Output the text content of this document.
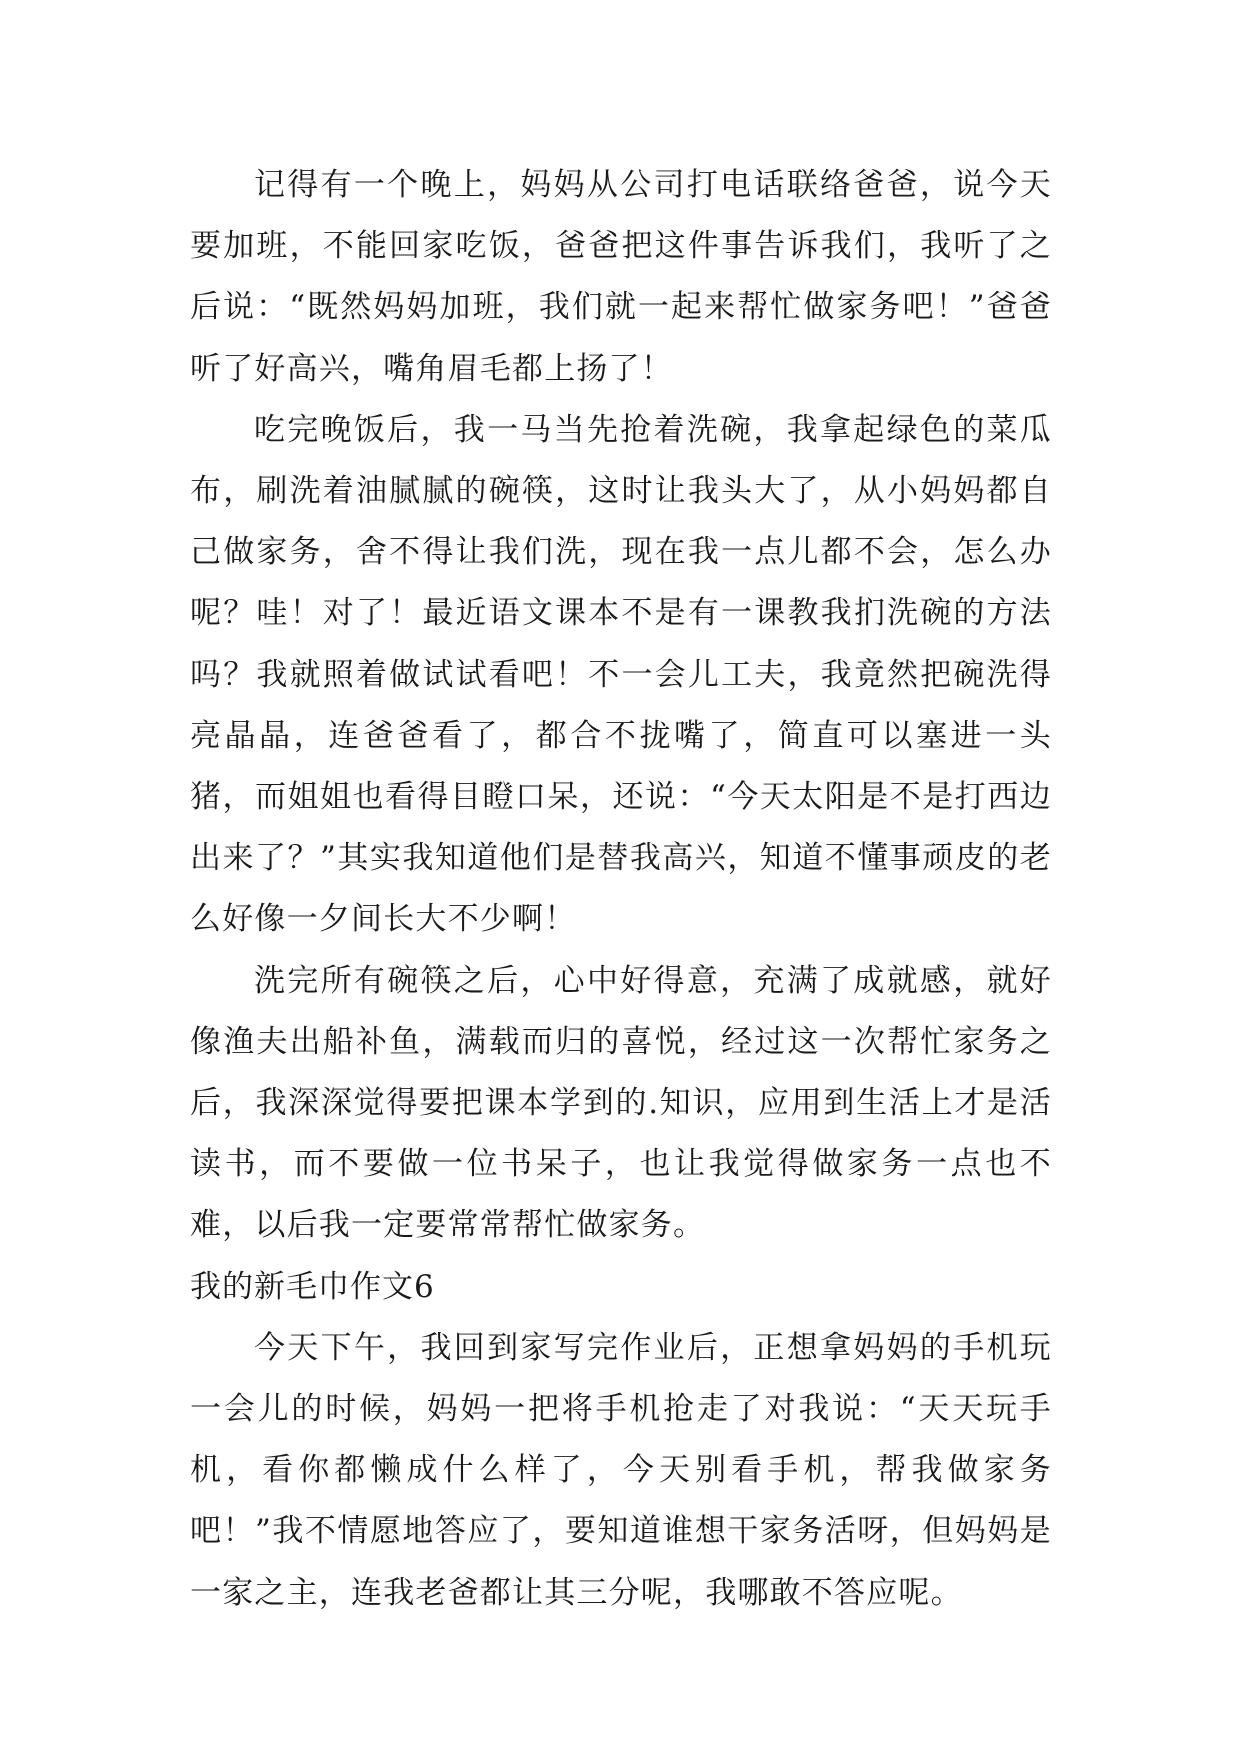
记得有一个晚上，妈妈从公司打电话联络爸爸，说今天要加班，不能回家吃饭，爸爸把这件事告诉我们，我听了之后说：“既然妈妈加班，我们就一起来帮忙做家务吧！”爸爸听了好高兴，嘴角眉毛都上扬了！

吃完晚饭后，我一马当先抢着洗碗，我拿起绿色的菜瓜布，刷洗着油腻腻的碗筷，这时让我头大了，从小妈妈都自己做家务，舍不得让我们洗，现在我一点儿都不会，怎么办呢？哇！对了！最近语文课本不是有一课教我扪洗碗的方法吗？我就照着做试试看吧！不一会儿工夫，我竟然把碗洗得亮晶晶，连爸爸看了，都合不拢嘴了，简直可以塞进一头猪，而姐姐也看得目瞪口呆，还说：“今天太阳是不是打西边出来了？”其实我知道他们是替我高兴，知道不懂事顽皮的老么好像一夕间长大不少啊！

洗完所有碗筷之后，心中好得意，充满了成就感，就好像渔夫出船补鱼，满载而归的喜悦，经过这一次帮忙家务之后，我深深觉得要把课本学到的.知识，应用到生活上才是活读书，而不要做一位书呆子，也让我觉得做家务一点也不难，以后我一定要常常帮忙做家务。

我的新毛巾作文6

今天下午，我回到家写完作业后，正想拿妈妈的手机玩一会儿的时候，妈妈一把将手机抢走了对我说：“天天玩手机，看你都懒成什么样了，今天别看手机，帮我做家务吧！”我不情愿地答应了，要知道谁想干家务活呀，但妈妈是一家之主，连我老爸都让其三分呢，我哪敢不答应呢。
